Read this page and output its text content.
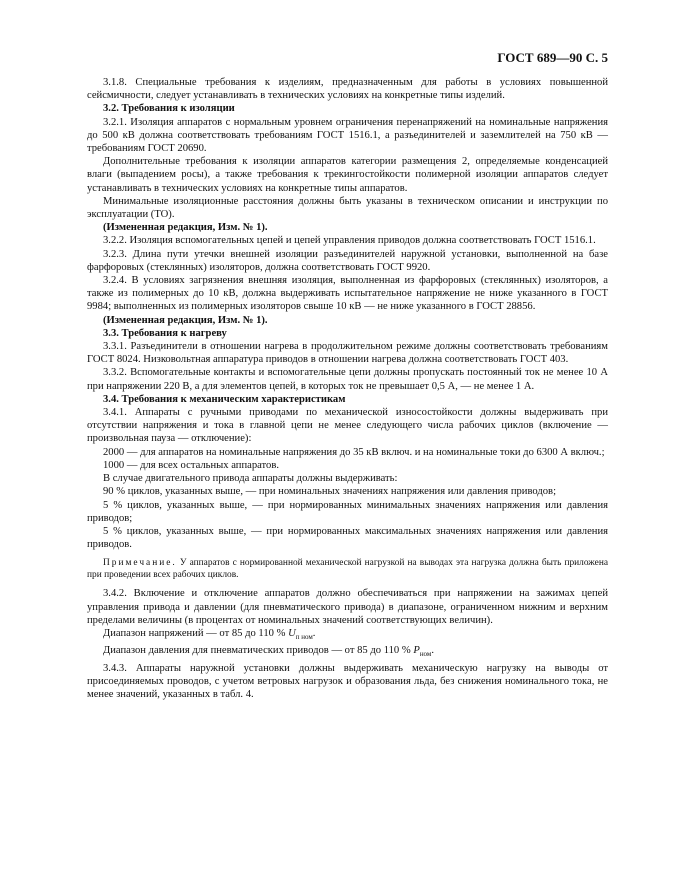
ГОСТ 689—90 С. 5

3.1.8. Специальные требования к изделиям, предназначенным для работы в условиях повышенной сейсмичности, следует устанавливать в технических условиях на конкретные типы изделий.

3.2. Требования к изоляции

3.2.1. Изоляция аппаратов с нормальным уровнем ограничения перенапряжений на номинальные напряжения до 500 кВ должна соответствовать требованиям ГОСТ 1516.1, а разъединителей и заземлителей на 750 кВ — требованиям ГОСТ 20690.

Дополнительные требования к изоляции аппаратов категории размещения 2, определяемые конденсацией влаги (выпадением росы), а также требования к трекингостойкости полимерной изоляции аппаратов следует устанавливать в технических условиях на конкретные типы аппаратов.

Минимальные изоляционные расстояния должны быть указаны в техническом описании и инструкции по эксплуатации (ТО).

(Измененная редакция, Изм. № 1).

3.2.2. Изоляция вспомогательных цепей и цепей управления приводов должна соответствовать ГОСТ 1516.1.

3.2.3. Длина пути утечки внешней изоляции разъединителей наружной установки, выполненной на базе фарфоровых (стеклянных) изоляторов, должна соответствовать ГОСТ 9920.

3.2.4. В условиях загрязнения внешняя изоляция, выполненная из фарфоровых (стеклянных) изоляторов, а также из полимерных до 10 кВ, должна выдерживать испытательное напряжение не ниже указанного в ГОСТ 9984; выполненных из полимерных изоляторов свыше 10 кВ — не ниже указанного в ГОСТ 28856.

(Измененная редакция, Изм. № 1).

3.3. Требования к нагреву

3.3.1. Разъединители в отношении нагрева в продолжительном режиме должны соответствовать требованиям ГОСТ 8024. Низковольтная аппаратура приводов в отношении нагрева должна соответствовать ГОСТ 403.

3.3.2. Вспомогательные контакты и вспомогательные цепи должны пропускать постоянный ток не менее 10 А при напряжении 220 В, а для элементов цепей, в которых ток не превышает 0,5 А, — не менее 1 А.

3.4. Требования к механическим характеристикам

3.4.1. Аппараты с ручными приводами по механической износостойкости должны выдерживать при отсутствии напряжения и тока в главной цепи не менее следующего числа рабочих циклов (включение — произвольная пауза — отключение):

2000 — для аппаратов на номинальные напряжения до 35 кВ включ. и на номинальные токи до 6300 А включ.;

1000 — для всех остальных аппаратов.

В случае двигательного привода аппараты должны выдерживать:

90 % циклов, указанных выше, — при номинальных значениях напряжения или давления приводов;

5 % циклов, указанных выше, — при нормированных минимальных значениях напряжения или давления приводов;

5 % циклов, указанных выше, — при нормированных максимальных значениях напряжения или давления приводов.

Примечание. У аппаратов с нормированной механической нагрузкой на выводах эта нагрузка должна быть приложена при проведении всех рабочих циклов.

3.4.2. Включение и отключение аппаратов должно обеспечиваться при напряжении на зажимах цепей управления привода и давлении (для пневматического привода) в диапазоне, ограниченном нижним и верхним пределами величины (в процентах от номинальных значений соответствующих величин).

Диапазон напряжений — от 85 до 110 % $U_{п ном}$.

Диапазон давления для пневматических приводов — от 85 до 110 % $P_{ном}$.

3.4.3. Аппараты наружной установки должны выдерживать механическую нагрузку на выводы от присоединяемых проводов, с учетом ветровых нагрузок и образования льда, без снижения номинального тока, не менее значений, указанных в табл. 4.
